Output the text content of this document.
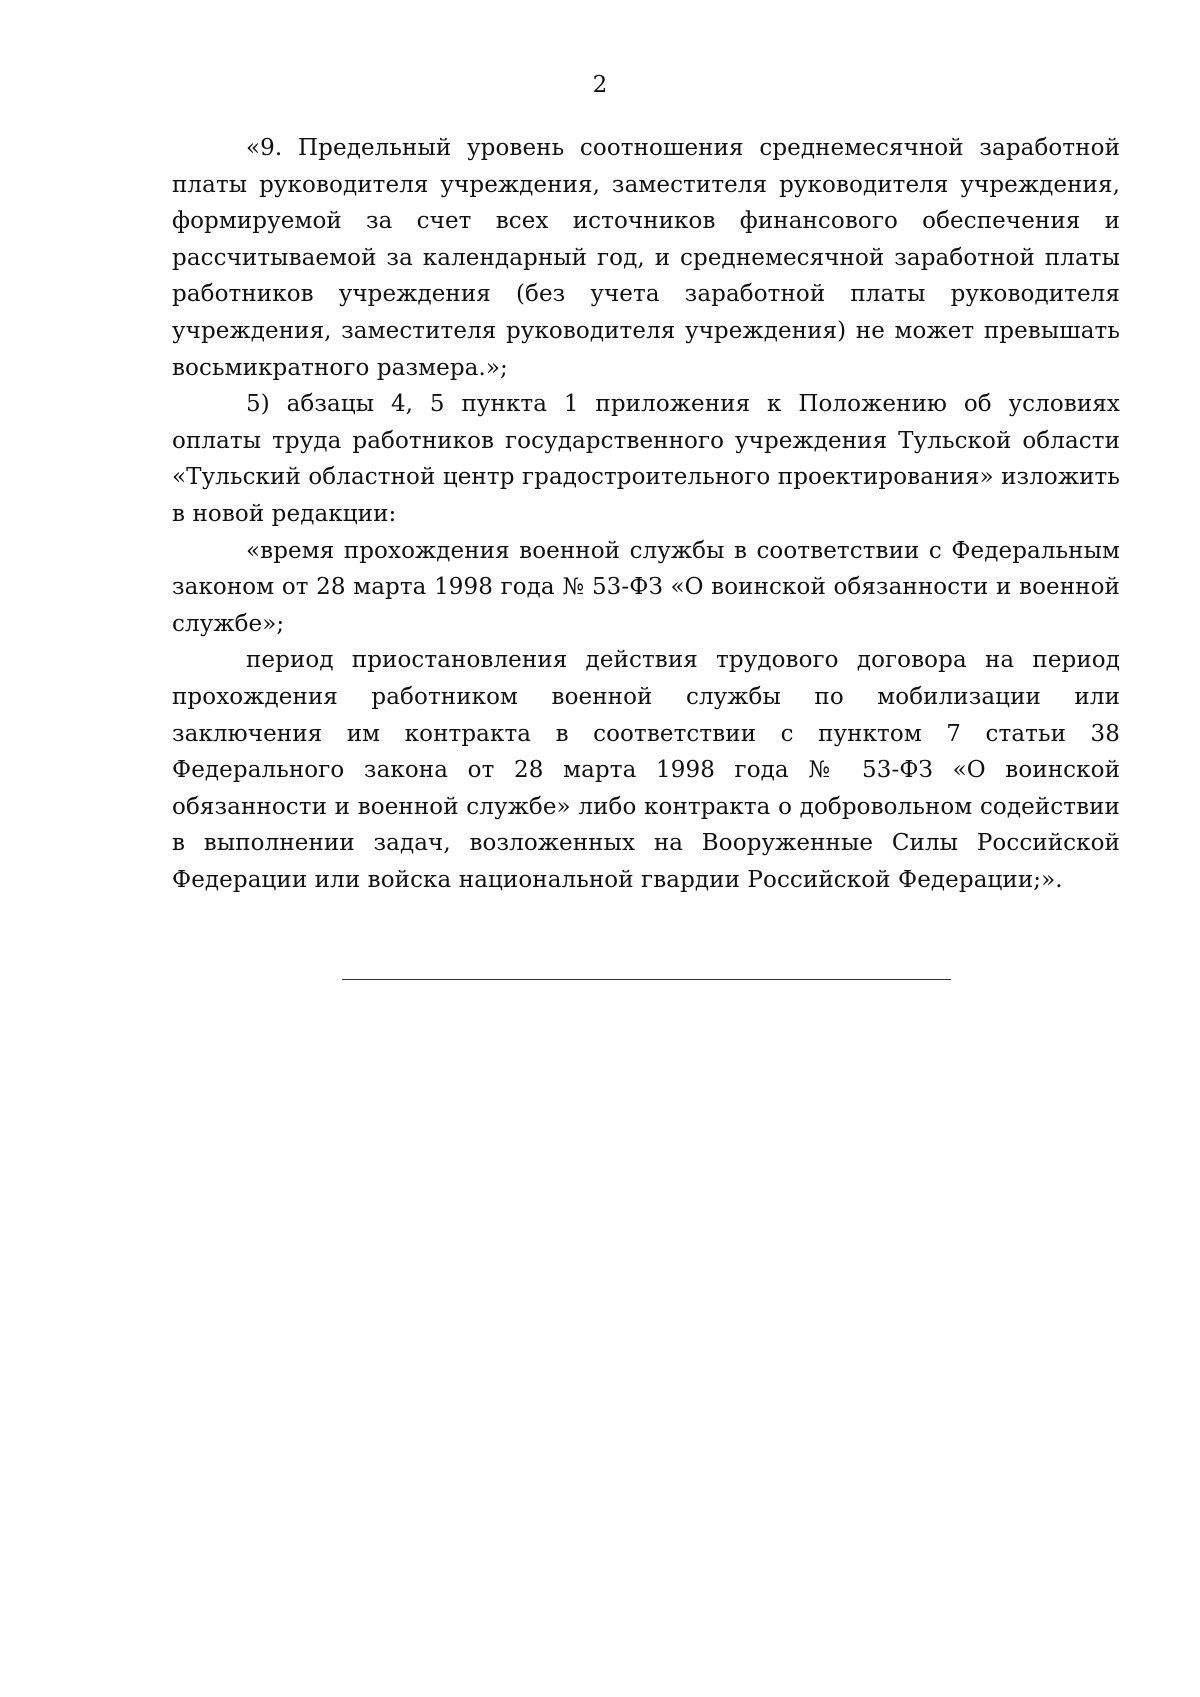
2

«9. Предельный уровень соотношения среднемесячной заработной платы руководителя учреждения, заместителя руководителя учреждения, формируемой за счет всех источников финансового обеспечения и рассчитываемой за календарный год, и среднемесячной заработной платы работников учреждения (без учета заработной платы руководителя учреждения, заместителя руководителя учреждения) не может превышать восьмикратного размера.»;

5) абзацы 4, 5 пункта 1 приложения к Положению об условиях оплаты труда работников государственного учреждения Тульской области «Тульский областной центр градостроительного проектирования» изложить в новой редакции:

«время прохождения военной службы в соответствии с Федеральным законом от 28 марта 1998 года № 53-ФЗ «О воинской обязанности и военной службе»;

период приостановления действия трудового договора на период прохождения работником военной службы по мобилизации или заключения им контракта в соответствии с пунктом 7 статьи 38 Федерального закона от 28 марта 1998 года № 53-ФЗ «О воинской обязанности и военной службе» либо контракта о добровольном содействии в выполнении задач, возложенных на Вооруженные Силы Российской Федерации или войска национальной гвардии Российской Федерации;».
